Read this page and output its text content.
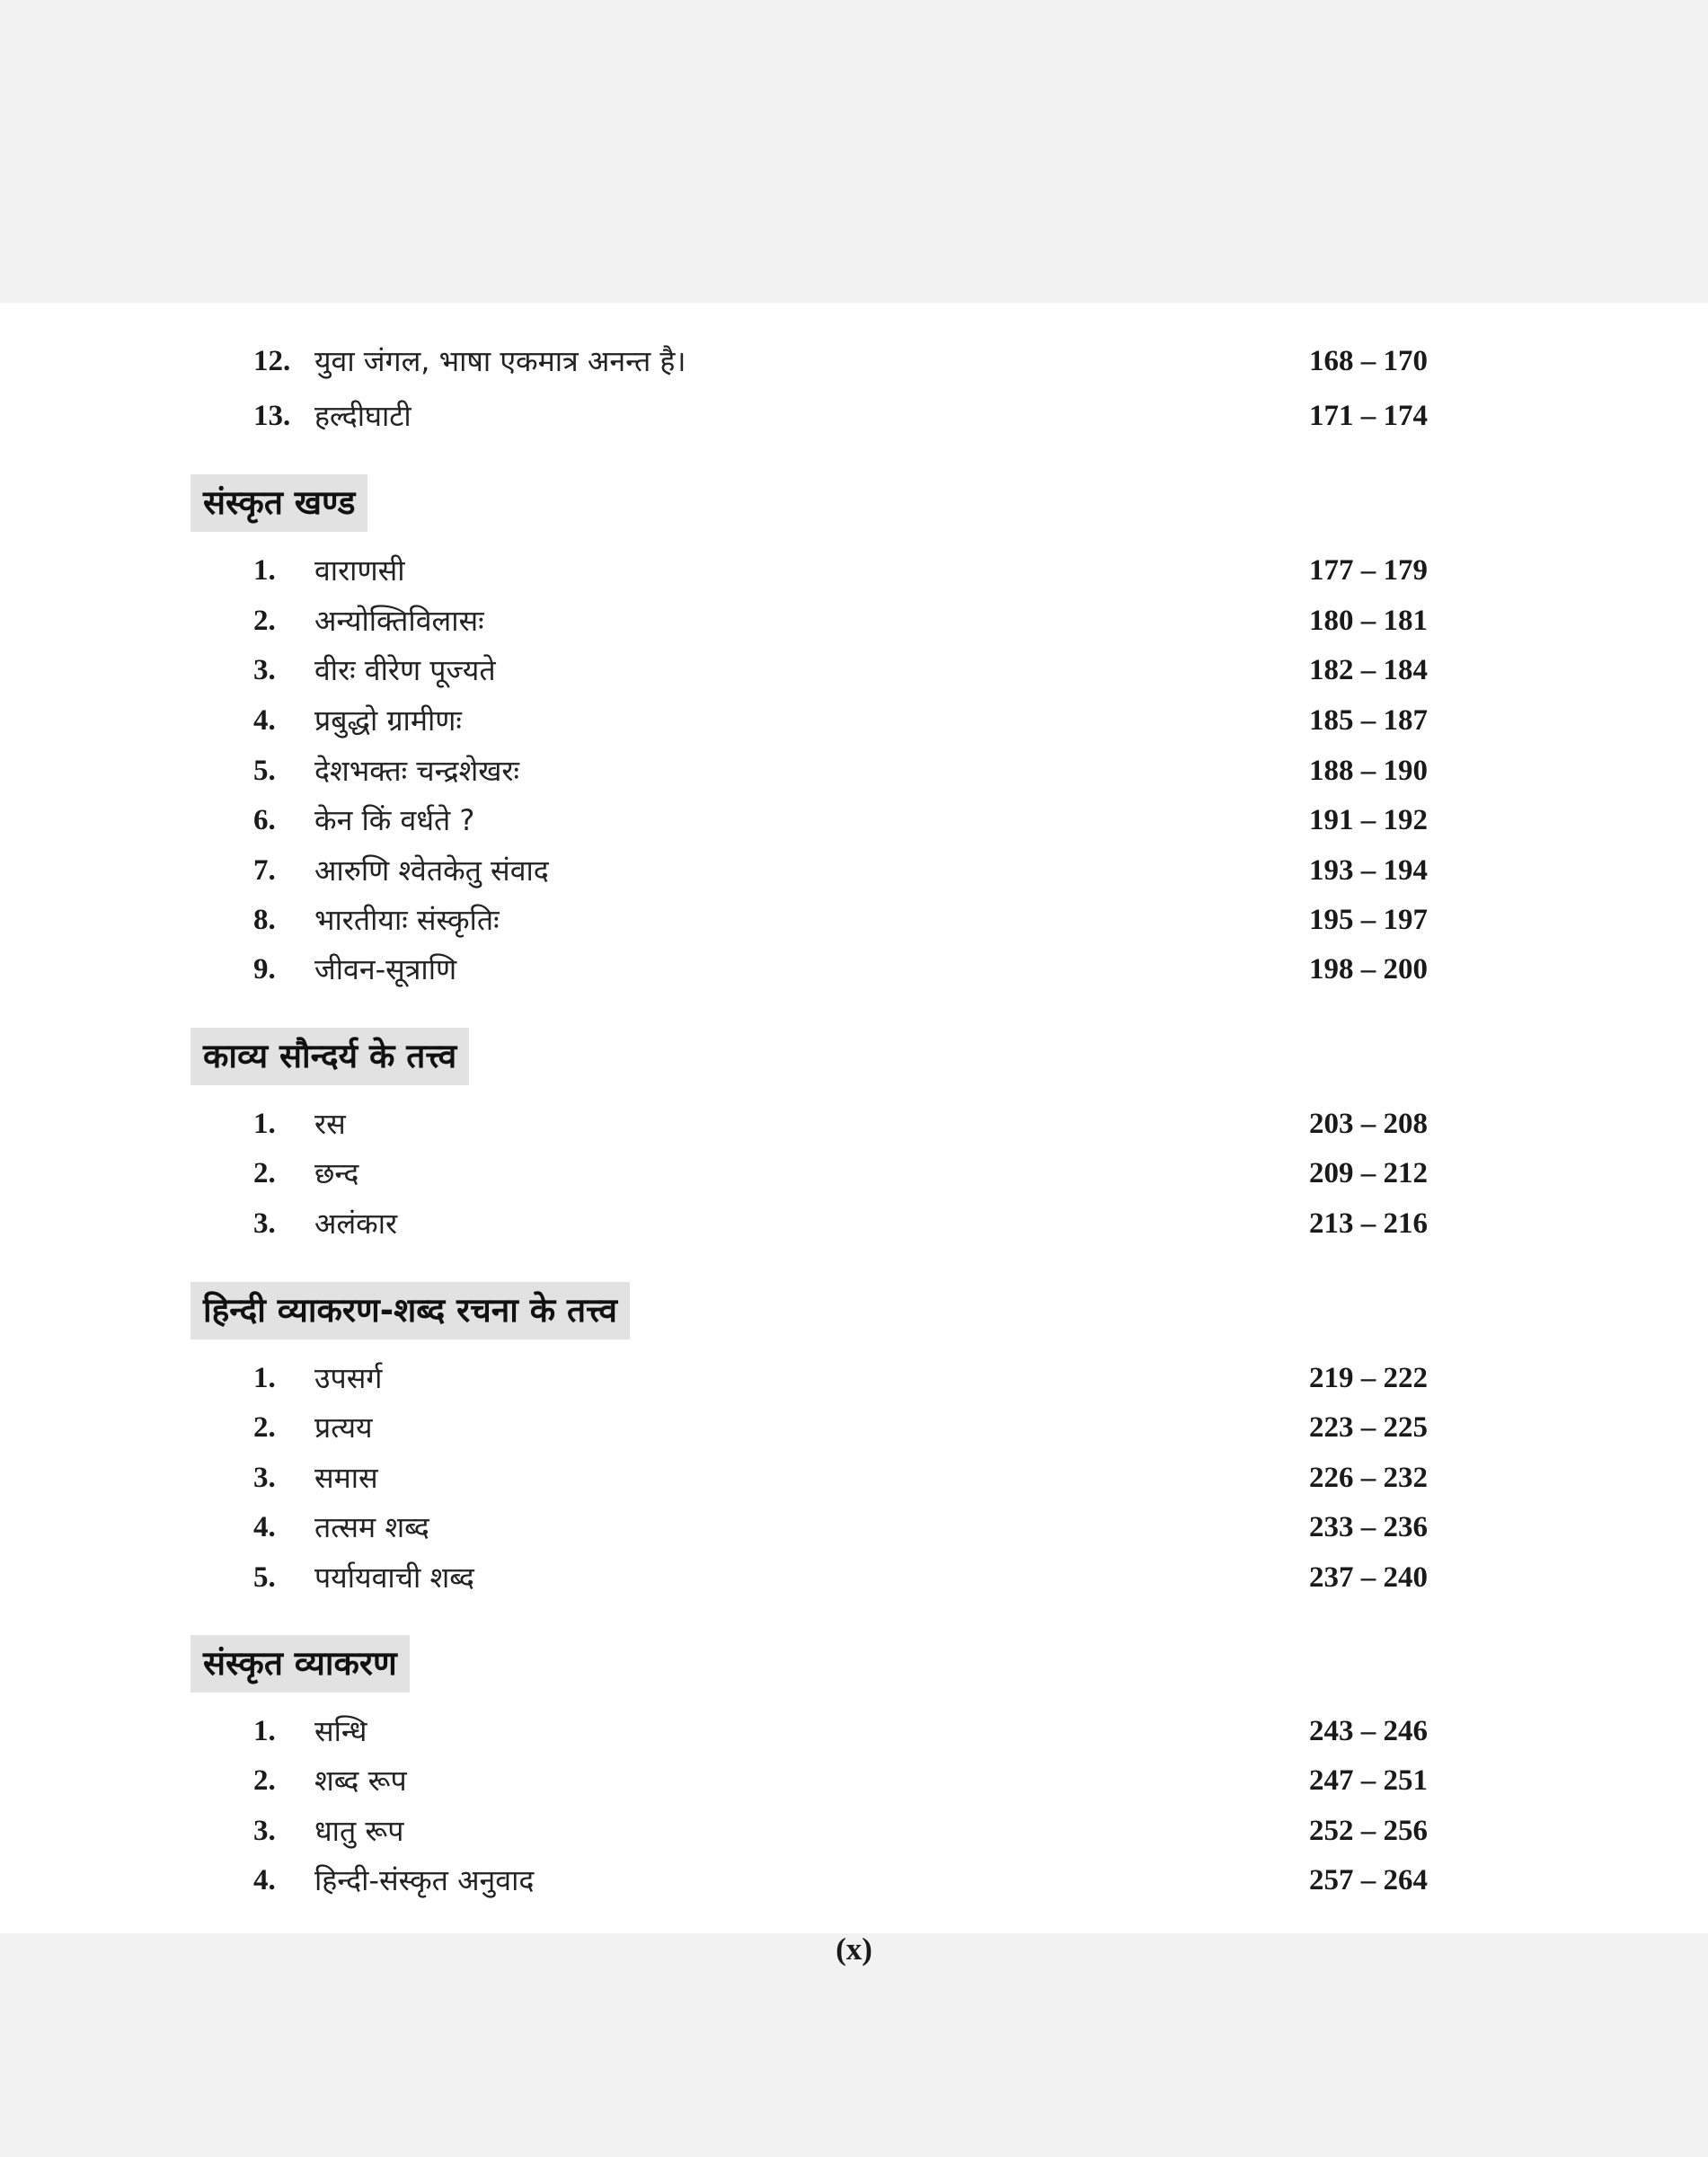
12. युवा जंगल, भाषा एकमात्र अनन्त है।	168 – 170
13. हल्दीघाटी	171 – 174
संस्कृत खण्ड
1. वाराणसी	177 – 179
2. अन्योक्तिविलासः	180 – 181
3. वीरः वीरेण पूज्यते	182 – 184
4. प्रबुद्धो ग्रामीणः	185 – 187
5. देशभक्तः चन्द्रशेखरः	188 – 190
6. केन किं वर्धते ?	191 – 192
7. आरुणि श्वेतकेतु संवाद	193 – 194
8. भारतीयाः संस्कृतिः	195 – 197
9. जीवन-सूत्राणि	198 – 200
काव्य सौन्दर्य के तत्त्व
1. रस	203 – 208
2. छन्द	209 – 212
3. अलंकार	213 – 216
हिन्दी व्याकरण-शब्द रचना के तत्त्व
1. उपसर्ग	219 – 222
2. प्रत्यय	223 – 225
3. समास	226 – 232
4. तत्सम शब्द	233 – 236
5. पर्यायवाची शब्द	237 – 240
संस्कृत व्याकरण
1. सन्धि	243 – 246
2. शब्द रूप	247 – 251
3. धातु रूप	252 – 256
4. हिन्दी-संस्कृत अनुवाद	257 – 264
(x)
